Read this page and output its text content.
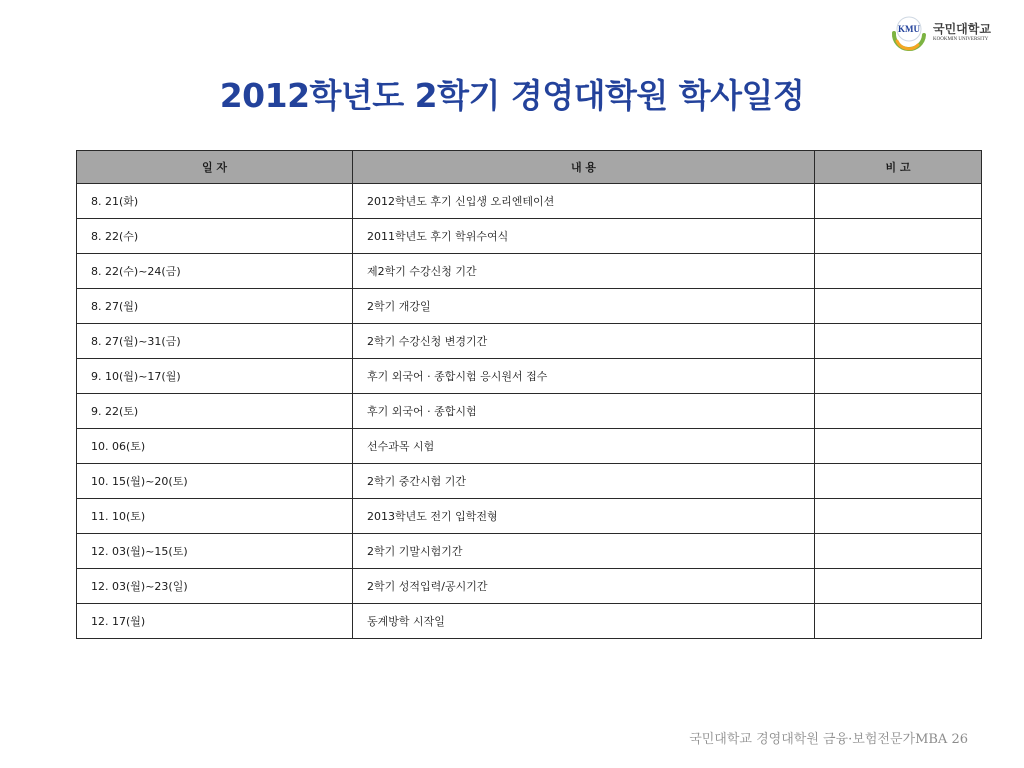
KMU 국민대학교
KOOKMIN UNIVERSITY
2012학년도 2학기 경영대학원 학사일정
일 자	내 용	비 고
8. 21(화)	2012학년도 후기 신입생 오리엔테이션	
8. 22(수)	2011학년도 후기 학위수여식	
8. 22(수)~24(금)	제2학기 수강신청 기간	
8. 27(월)	2학기 개강일	
8. 27(월)~31(금)	2학기 수강신청 변경기간	
9. 10(월)~17(월)	후기 외국어 · 종합시험 응시원서 접수	
9. 22(토)	후기 외국어 · 종합시험	
10. 06(토)	선수과목 시험	
10. 15(월)~20(토)	2학기 중간시험 기간	
11. 10(토)	2013학년도 전기 입학전형	
12. 03(월)~15(토)	2학기 기말시험기간	
12. 03(월)~23(일)	2학기 성적입력/공시기간	
12. 17(월)	동계방학 시작일	
국민대학교 경영대학원 금융·보험전문가MBA 26
